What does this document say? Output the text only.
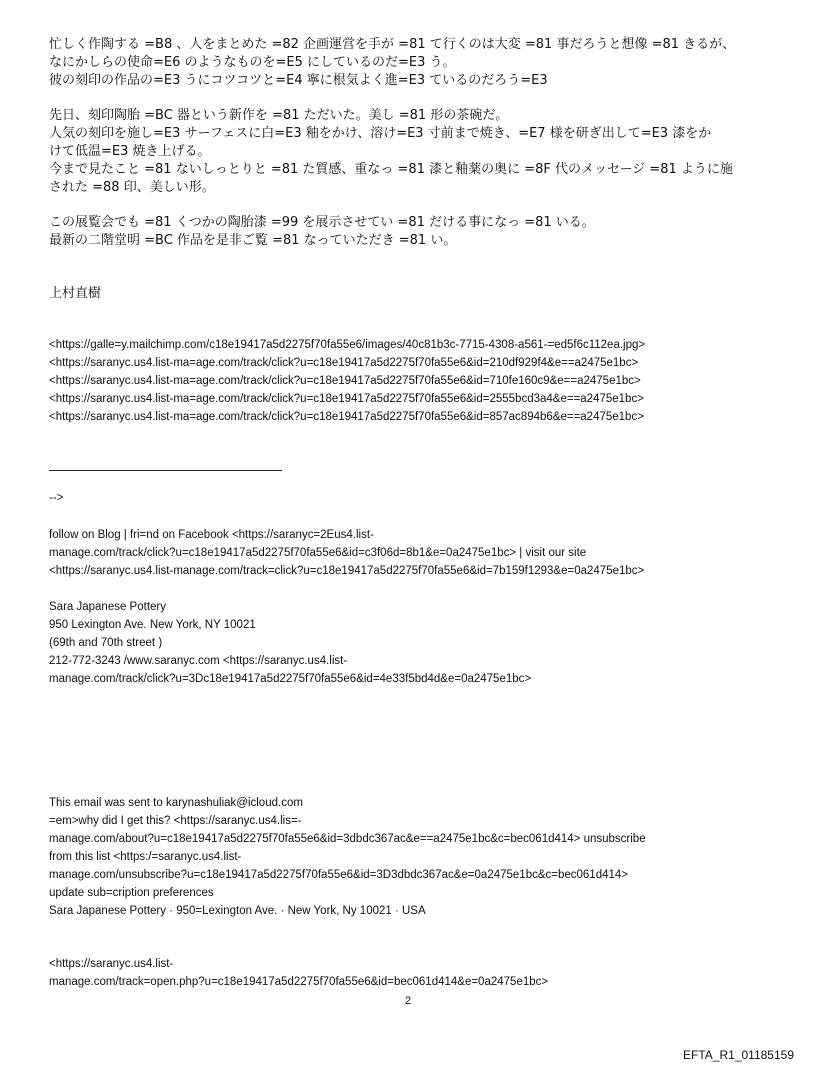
忙しく作陶する =B8 、人をまとめた =82 企画運営を手が =81 て行くのは大変 =81 事だろうと想像 =81 きるが、
なにかしらの使命=E6 のようなものを=E5 にしているのだ=E3 う。
彼の刻印の作品の=E3 うにコツコツと=E4 寧に根気よく進=E3 ているのだろう=E3
先日、刻印陶胎 =BC 器という新作を =81 ただいた。美し =81 形の茶碗だ。
人気の刻印を施し=E3 サーフェスに白=E3 釉をかけ、溶け=E3 寸前まで焼き、=E7 様を研ぎ出して=E3 漆をか
けて低温=E3 焼き上げる。
今まで見たこと =81 ないしっとりと =81 た質感、重なっ =81 漆と釉薬の奥に =8F 代のメッセージ =81 ように施
された =88 印、美しい形。
この展覧会でも =81 くつかの陶胎漆 =99 を展示させてい =81 だける事になっ =81 いる。
最新の二階堂明 =BC 作品を是非ご覧 =81 なっていただき =81 い。
上村直樹
<https://galle=y.mailchimp.com/c18e19417a5d2275f70fa55e6/images/40c81b3c-7715-4308-a561-=ed5f6c112ea.jpg>
<https://saranyc.us4.list-ma=age.com/track/click?u=c18e19417a5d2275f70fa55e6&id=210df929f4&e==a2475e1bc>
<https://saranyc.us4.list-ma=age.com/track/click?u=c18e19417a5d2275f70fa55e6&id=710fe160c9&e==a2475e1bc>
<https://saranyc.us4.list-ma=age.com/track/click?u=c18e19417a5d2275f70fa55e6&id=2555bcd3a4&e==a2475e1bc>
<https://saranyc.us4.list-ma=age.com/track/click?u=c18e19417a5d2275f70fa55e6&id=857ac894b6&e==a2475e1bc>
-->
follow on Blog | fri=nd on Facebook <https://saranyc=2Eus4.list-
manage.com/track/click?u=c18e19417a5d2275f70fa55e6&id=c3f06d=8b1&e=0a2475e1bc> | visit our site
<https://saranyc.us4.list-manage.com/track=click?u=c18e19417a5d2275f70fa55e6&id=7b159f1293&e=0a2475e1bc>
Sara Japanese Pottery
950 Lexington Ave. New York, NY 10021
(69th and 70th street )
212-772-3243 /www.saranyc.com <https://saranyc.us4.list-
manage.com/track/click?u=3Dc18e19417a5d2275f70fa55e6&id=4e33f5bd4d&e=0a2475e1bc>
This email was sent to karynashuliak@icloud.com
=em>why did I get this? <https://saranyc.us4.lis=-
manage.com/about?u=c18e19417a5d2275f70fa55e6&id=3dbdc367ac&e==a2475e1bc&c=bec061d414> unsubscribe
from this list <https:/=saranyc.us4.list-
manage.com/unsubscribe?u=c18e19417a5d2275f70fa55e6&id=3D3dbdc367ac&e=0a2475e1bc&c=bec061d414>
update sub=cription preferences
Sara Japanese Pottery · 950=Lexington Ave. · New York, Ny 10021 · USA
<https://saranyc.us4.list-
manage.com/track=open.php?u=c18e19417a5d2275f70fa55e6&id=bec061d414&e=0a2475e1bc>
2
EFTA_R1_01185159
